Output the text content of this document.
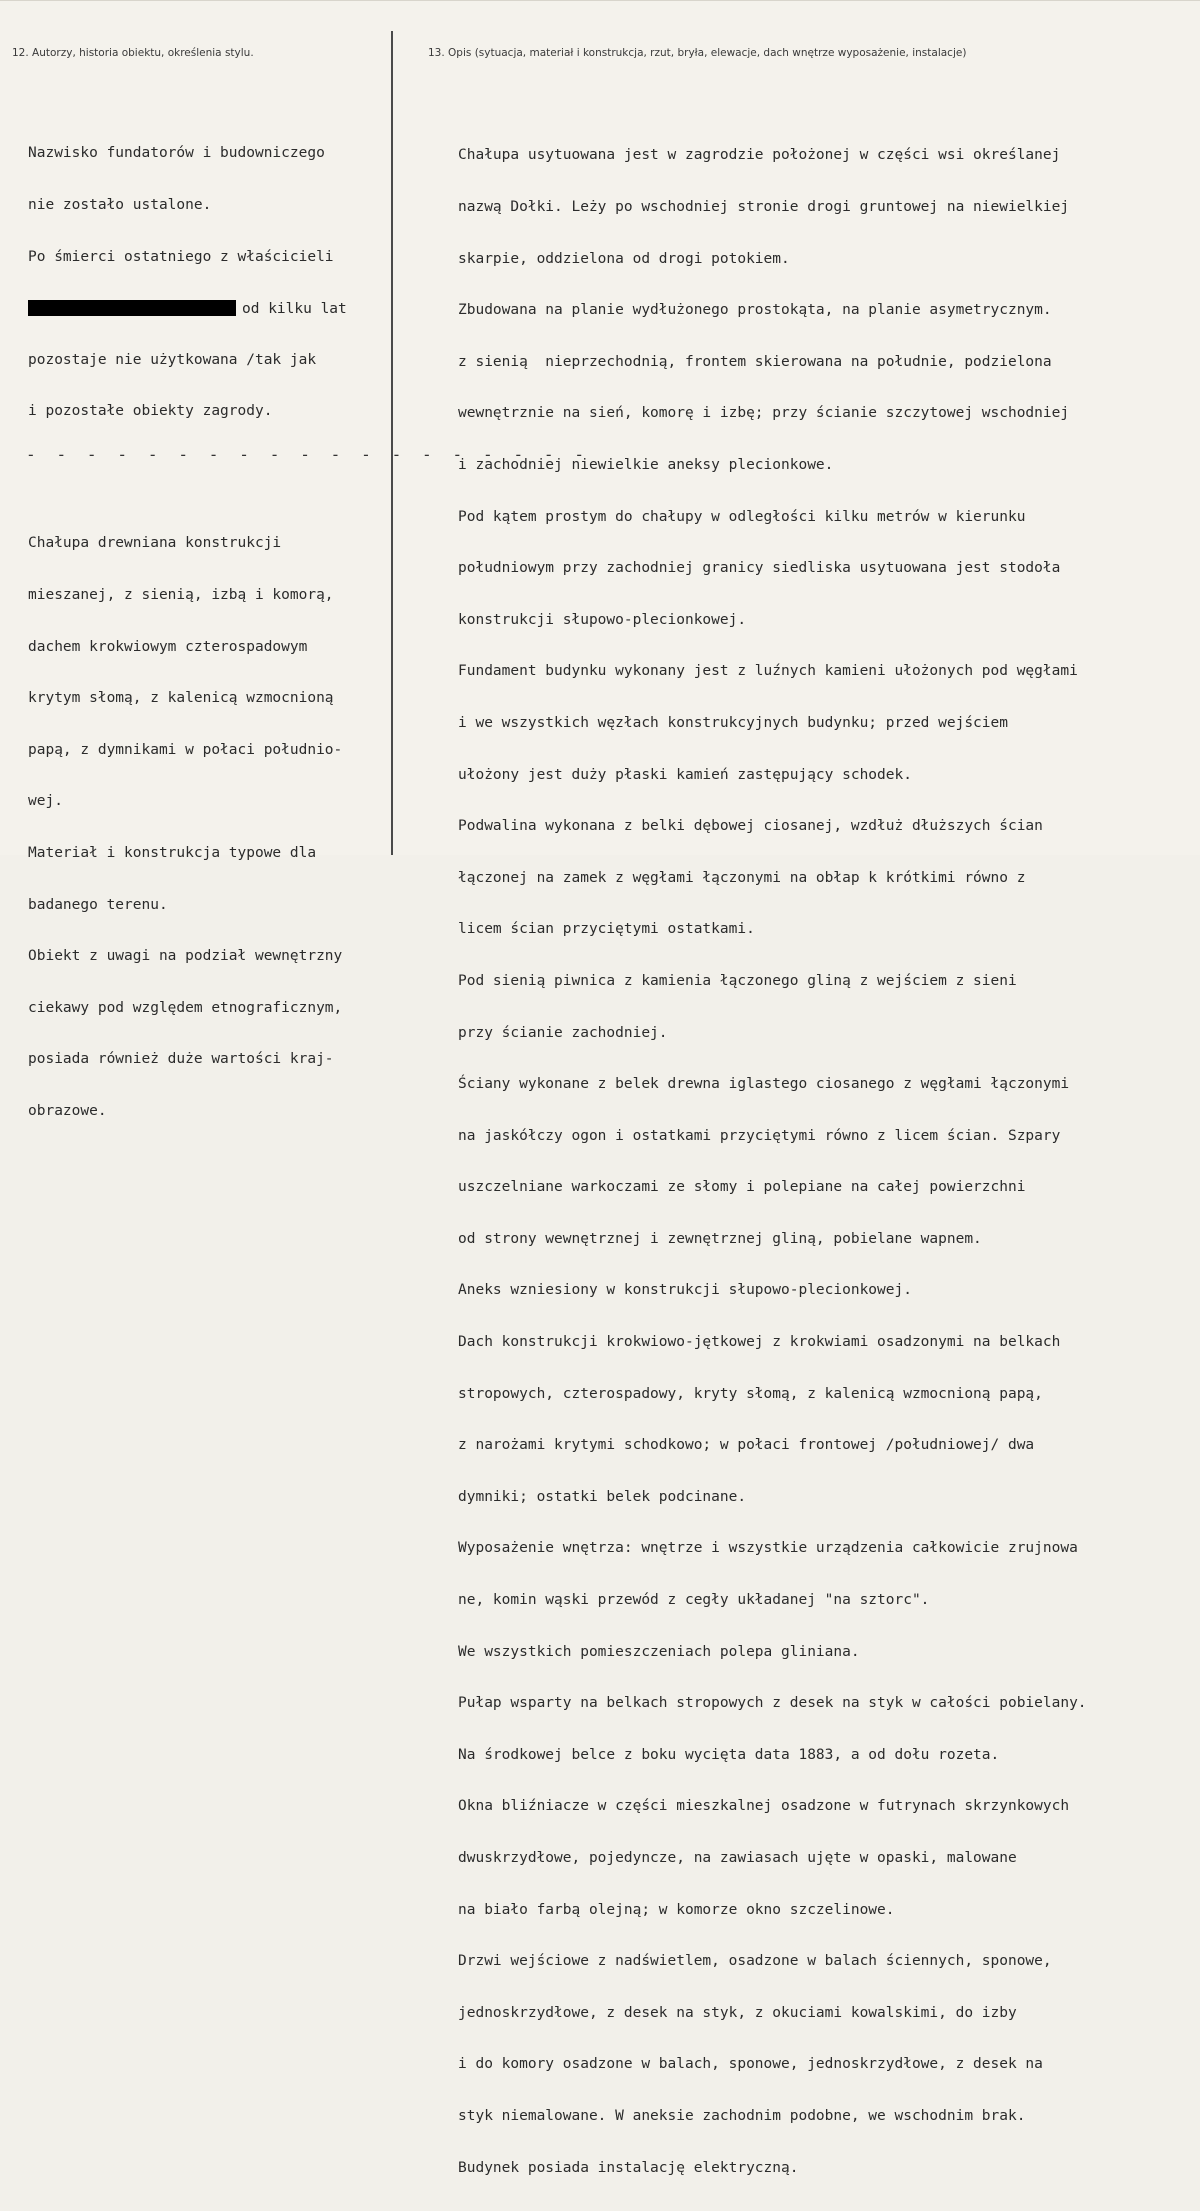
12. Autorzy, historia obiektu, określenia stylu.	13. Opis (sytuacja, materiał i konstrukcja, rzut, bryła, elewacje, dach wnętrze wyposażenie, instalacje)

Nazwisko fundatorów i budowniczego

nie zostało ustalone.

Po śmierci ostatniego z właścicieli

od kilku lat

pozostaje nie użytkowana /tak jak

i pozostałe obiekty zagrody.

- - - - - - - - - - - - - - - - - - -

Chałupa drewniana konstrukcji

mieszanej, z sienią, izbą i komorą,

dachem krokwiowym czterospadowym

krytym słomą, z kalenicą wzmocnioną

papą, z dymnikami w połaci południo-

wej.

Materiał i konstrukcja typowe dla

badanego terenu.

Obiekt z uwagi na podział wewnętrzny

ciekawy pod względem etnograficznym,

posiada również duże wartości kraj-

obrazowe.

Chałupa usytuowana jest w zagrodzie położonej w części wsi określanej

nazwą Dołki. Leży po wschodniej stronie drogi gruntowej na niewielkiej

skarpie, oddzielona od drogi potokiem.

Zbudowana na planie wydłużonego prostokąta, na planie asymetrycznym.

z sienią  nieprzechodnią, frontem skierowana na południe, podzielona

wewnętrznie na sień, komorę i izbę; przy ścianie szczytowej wschodniej

i zachodniej niewielkie aneksy plecionkowe.

Pod kątem prostym do chałupy w odległości kilku metrów w kierunku

południowym przy zachodniej granicy siedliska usytuowana jest stodoła

konstrukcji słupowo-plecionkowej.

Fundament budynku wykonany jest z luźnych kamieni ułożonych pod węgłami

i we wszystkich węzłach konstrukcyjnych budynku; przed wejściem

ułożony jest duży płaski kamień zastępujący schodek.

Podwalina wykonana z belki dębowej ciosanej, wzdłuż dłuższych ścian

łączonej na zamek z węgłami łączonymi na obłap k krótkimi równo z

licem ścian przyciętymi ostatkami.

Pod sienią piwnica z kamienia łączonego gliną z wejściem z sieni

przy ścianie zachodniej.

Ściany wykonane z belek drewna iglastego ciosanego z węgłami łączonymi

na jaskółczy ogon i ostatkami przyciętymi równo z licem ścian. Szpary

uszczelniane warkoczami ze słomy i polepiane na całej powierzchni

od strony wewnętrznej i zewnętrznej gliną, pobielane wapnem.

Aneks wzniesiony w konstrukcji słupowo-plecionkowej.

Dach konstrukcji krokwiowo-jętkowej z krokwiami osadzonymi na belkach

stropowych, czterospadowy, kryty słomą, z kalenicą wzmocnioną papą,

z narożami krytymi schodkowo; w połaci frontowej /południowej/ dwa

dymniki; ostatki belek podcinane.

Wyposażenie wnętrza: wnętrze i wszystkie urządzenia całkowicie zrujnowa

ne, komin wąski przewód z cegły układanej "na sztorc".

We wszystkich pomieszczeniach polepa gliniana.

Pułap wsparty na belkach stropowych z desek na styk w całości pobielany.

Na środkowej belce z boku wycięta data 1883, a od dołu rozeta.

Okna bliźniacze w części mieszkalnej osadzone w futrynach skrzynkowych

dwuskrzydłowe, pojedyncze, na zawiasach ujęte w opaski, malowane

na biało farbą olejną; w komorze okno szczelinowe.

Drzwi wejściowe z nadświetlem, osadzone w balach ściennych, sponowe,

jednoskrzydłowe, z desek na styk, z okuciami kowalskimi, do izby

i do komory osadzone w balach, sponowe, jednoskrzydłowe, z desek na

styk niemalowane. W aneksie zachodnim podobne, we wschodnim brak.

Budynek posiada instalację elektryczną.
